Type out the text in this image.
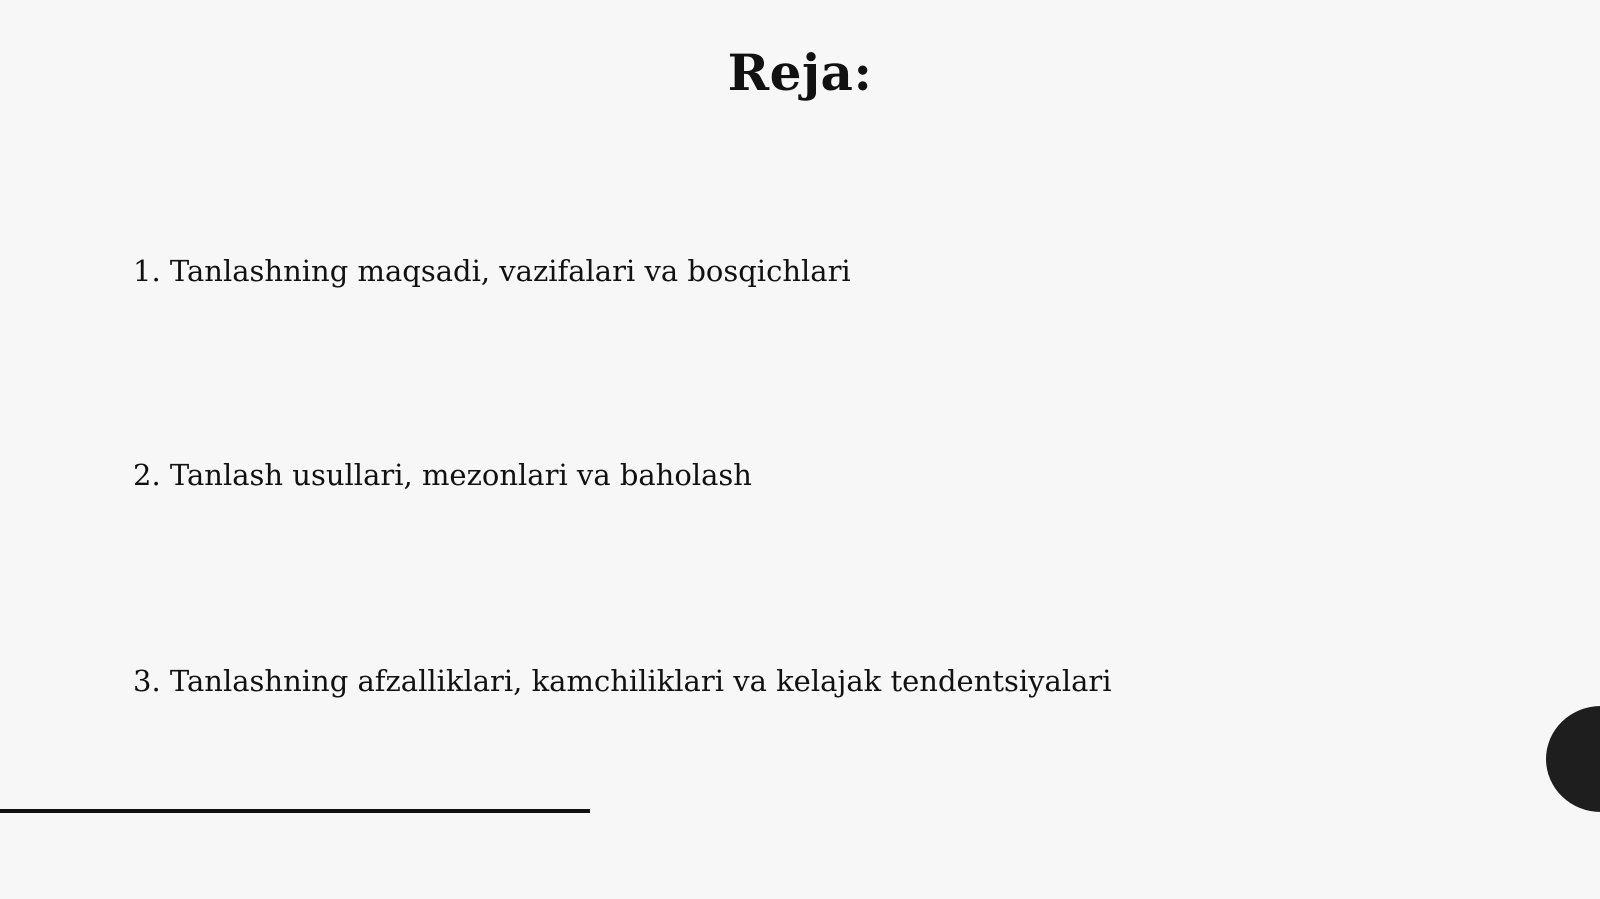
Reja:
1. Tanlashning maqsadi, vazifalari va bosqichlari
2. Tanlash usullari, mezonlari va baholash
3. Tanlashning afzalliklari, kamchiliklari va kelajak tendentsiyalari
